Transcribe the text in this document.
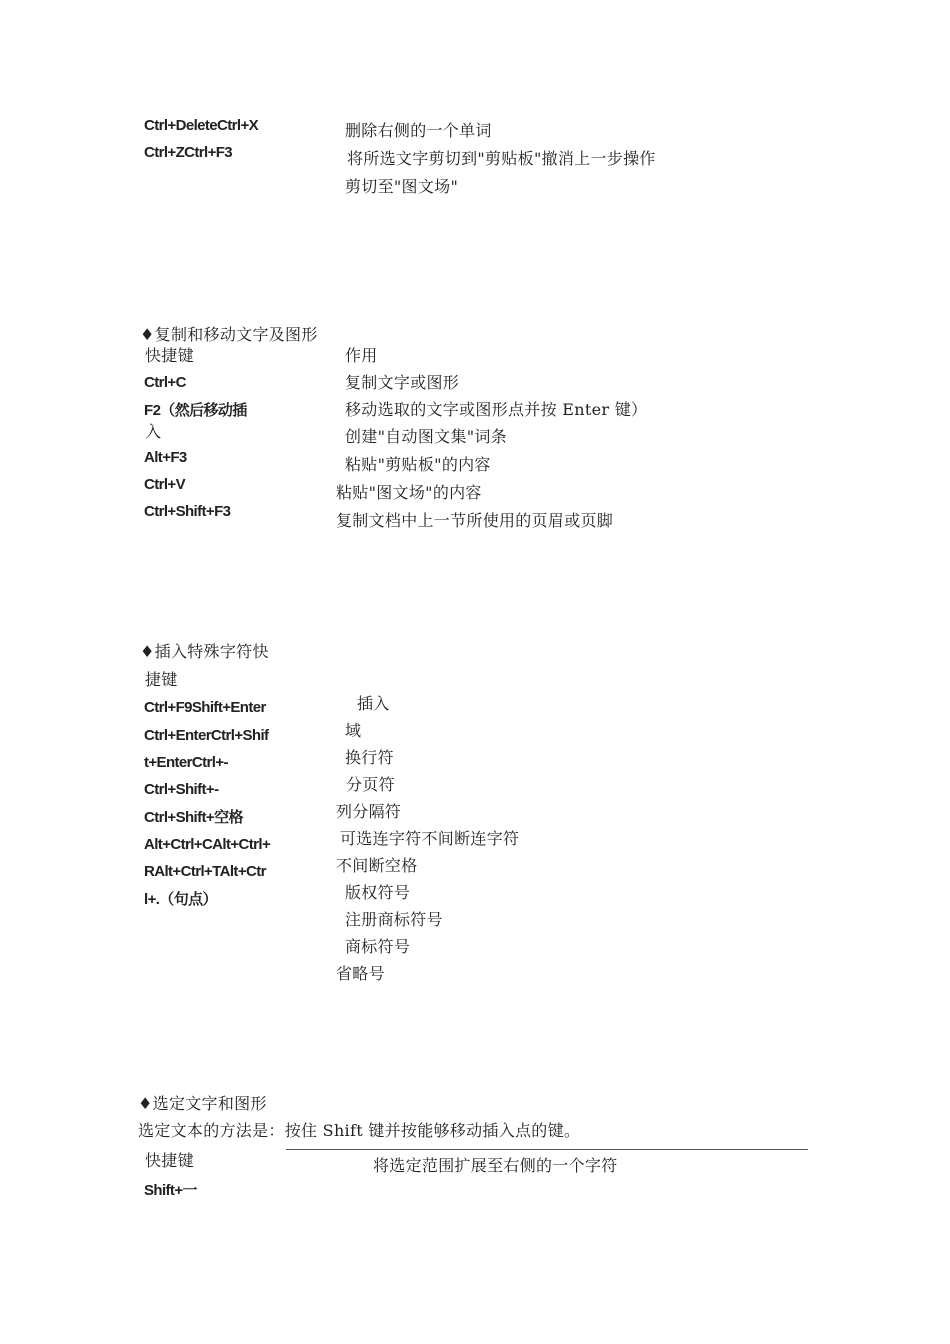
Ctrl+DeleteCtrl+X
Ctrl+ZCtrl+F3
删除右侧的一个单词
将所选文字剪切到"剪贴板"撤消上一步操作
剪切至"图文场"
♦复制和移动文字及图形
快捷键	作用
Ctrl+C
F2（然后移动插
入
Alt+F3
Ctrl+V
Ctrl+Shift+F3
复制文字或图形
移动选取的文字或图形点并按 Enter 键）
创建"自动图文集"词条
粘贴"剪贴板"的内容
粘贴"图文场"的内容
复制文档中上一节所使用的页眉或页脚
♦插入特殊字符快
捷键
Ctrl+F9Shift+Enter
Ctrl+EnterCtrl+Shif
t+EnterCtrl+-
Ctrl+Shift+-
Ctrl+Shift+空格
Alt+Ctrl+CAlt+Ctrl+
RAlt+Ctrl+TAlt+Ctr
l+.（句点）
插入
域
换行符
分页符
列分隔符
可选连字符不间断连字符
不间断空格
版权符号
注册商标符号
商标符号
省略号
♦选定文字和图形
选定文本的方法是：按住 Shift 键并按能够移动插入点的键。
快捷键	将选定范围扩展至右侧的一个字符
Shift+一
